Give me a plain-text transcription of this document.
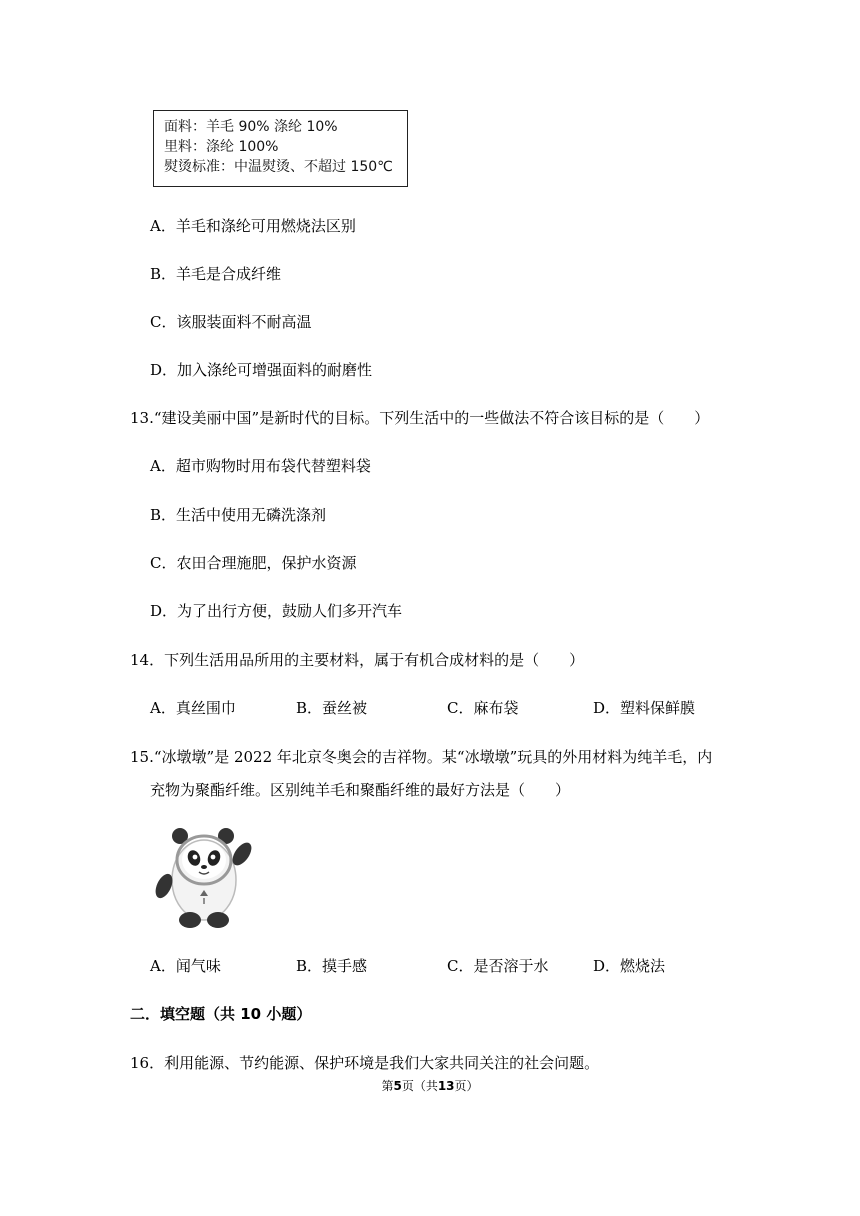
面料：羊毛 90% 涤纶 10%
里料：涤纶 100%
熨烫标准：中温熨烫、不超过 150℃
A．羊毛和涤纶可用燃烧法区别
B．羊毛是合成纤维
C．该服装面料不耐高温
D．加入涤纶可增强面料的耐磨性
13.“建设美丽中国”是新时代的目标。下列生活中的一些做法不符合该目标的是（　　）
A．超市购物时用布袋代替塑料袋
B．生活中使用无磷洗涤剂
C．农田合理施肥，保护水资源
D．为了出行方便，鼓励人们多开汽车
14．下列生活用品所用的主要材料，属于有机合成材料的是（　　）
A．真丝围巾	B．蚕丝被	C．麻布袋	D．塑料保鲜膜
15.“冰墩墩”是 2022 年北京冬奥会的吉祥物。某“冰墩墩”玩具的外用材料为纯羊毛，内
充物为聚酯纤维。区别纯羊毛和聚酯纤维的最好方法是（　　）
A．闻气味	B．摸手感	C．是否溶于水	D．燃烧法
二．填空题（共 10 小题）
16．利用能源、节约能源、保护环境是我们大家共同关注的社会问题。
第5页（共13页）
